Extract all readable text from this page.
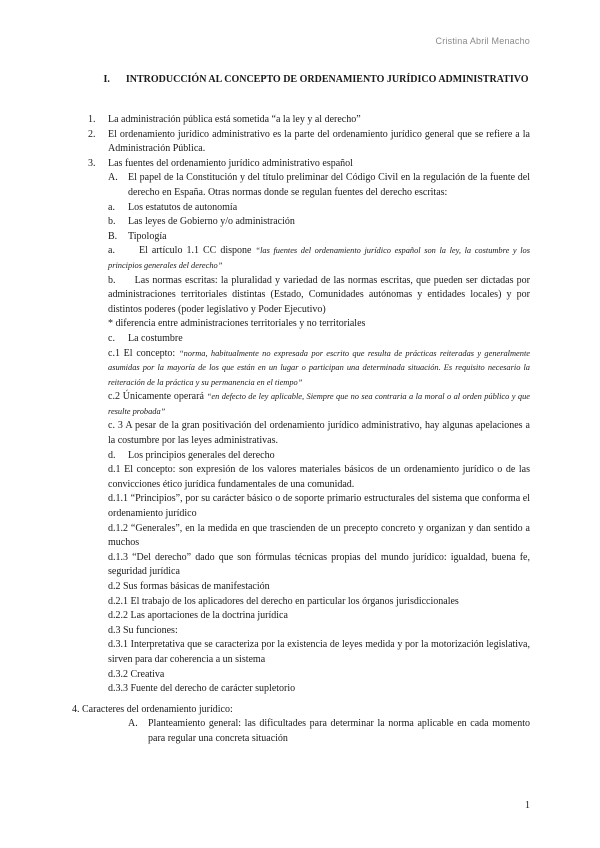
Cristina Abril Menacho
I. INTRODUCCIÓN AL CONCEPTO DE ORDENAMIENTO JURÍDICO ADMINISTRATIVO
1.	La administración pública está sometida “a la ley y al derecho”
2.	El ordenamiento jurídico administrativo es la parte del ordenamiento jurídico general que se refiere a la Administración Pública.
3.	Las fuentes del ordenamiento jurídico administrativo español
A.	El papel de la Constitución y del título preliminar del Código Civil en la regulación de la fuente del derecho en España. Otras normas donde se regulan fuentes del derecho escritas:
a.	Los estatutos de autonomía
b.	Las leyes de Gobierno y/o administración
B.	Tipología
a.      El artículo 1.1 CC dispone “las fuentes del ordenamiento jurídico español son la ley, la costumbre y los principios generales del derecho”
b.      Las normas escritas: la pluralidad y variedad de las normas escritas, que pueden ser dictadas por administraciones territoriales distintas (Estado, Comunidades autónomas y entidades locales) y por distintos poderes (poder legislativo y Poder Ejecutivo)
* diferencia entre administraciones territoriales y no territoriales
c.	La costumbre
c.1 El concepto: “norma, habitualmente no expresada por escrito que resulta de prácticas reiteradas y generalmente asumidas por la mayoría de los que están en un lugar o participan una determinada situación. Es requisito necesario la reiteración de la práctica y su permanencia en el tiempo”
c.2 Únicamente operará “en defecto de ley aplicable, Siempre que no sea contraria a la moral o al orden público y que resulte probada”
c. 3 A pesar de la gran positivación del ordenamiento jurídico administrativo, hay algunas apelaciones a la costumbre por las leyes administrativas.
d.	Los principios generales del derecho
d.1 El concepto: son expresión de los valores materiales básicos de un ordenamiento jurídico o de las convicciones ético jurídica fundamentales de una comunidad.
d.1.1 “Principios”, por su carácter básico o de soporte primario estructurales del sistema que conforma el ordenamiento jurídico
d.1.2 “Generales”, en la medida en que trascienden de un precepto concreto y organizan y dan sentido a muchos
d.1.3 “Del derecho” dado que son fórmulas técnicas propias del mundo jurídico: igualdad, buena fe, seguridad jurídica
d.2 Sus formas básicas de manifestación
d.2.1 El trabajo de los aplicadores del derecho en particular los órganos jurisdiccionales
d.2.2 Las aportaciones de la doctrina jurídica
d.3 Su funciones:
d.3.1 Interpretativa que se caracteriza por la existencia de leyes medida y por la motorización legislativa, sirven para dar coherencia a un sistema
d.3.2 Creativa
d.3.3 Fuente del derecho de carácter supletorio
4. Caracteres del ordenamiento jurídico:
A.	Planteamiento general: las dificultades para determinar la norma aplicable en cada momento para regular una concreta situación
1
